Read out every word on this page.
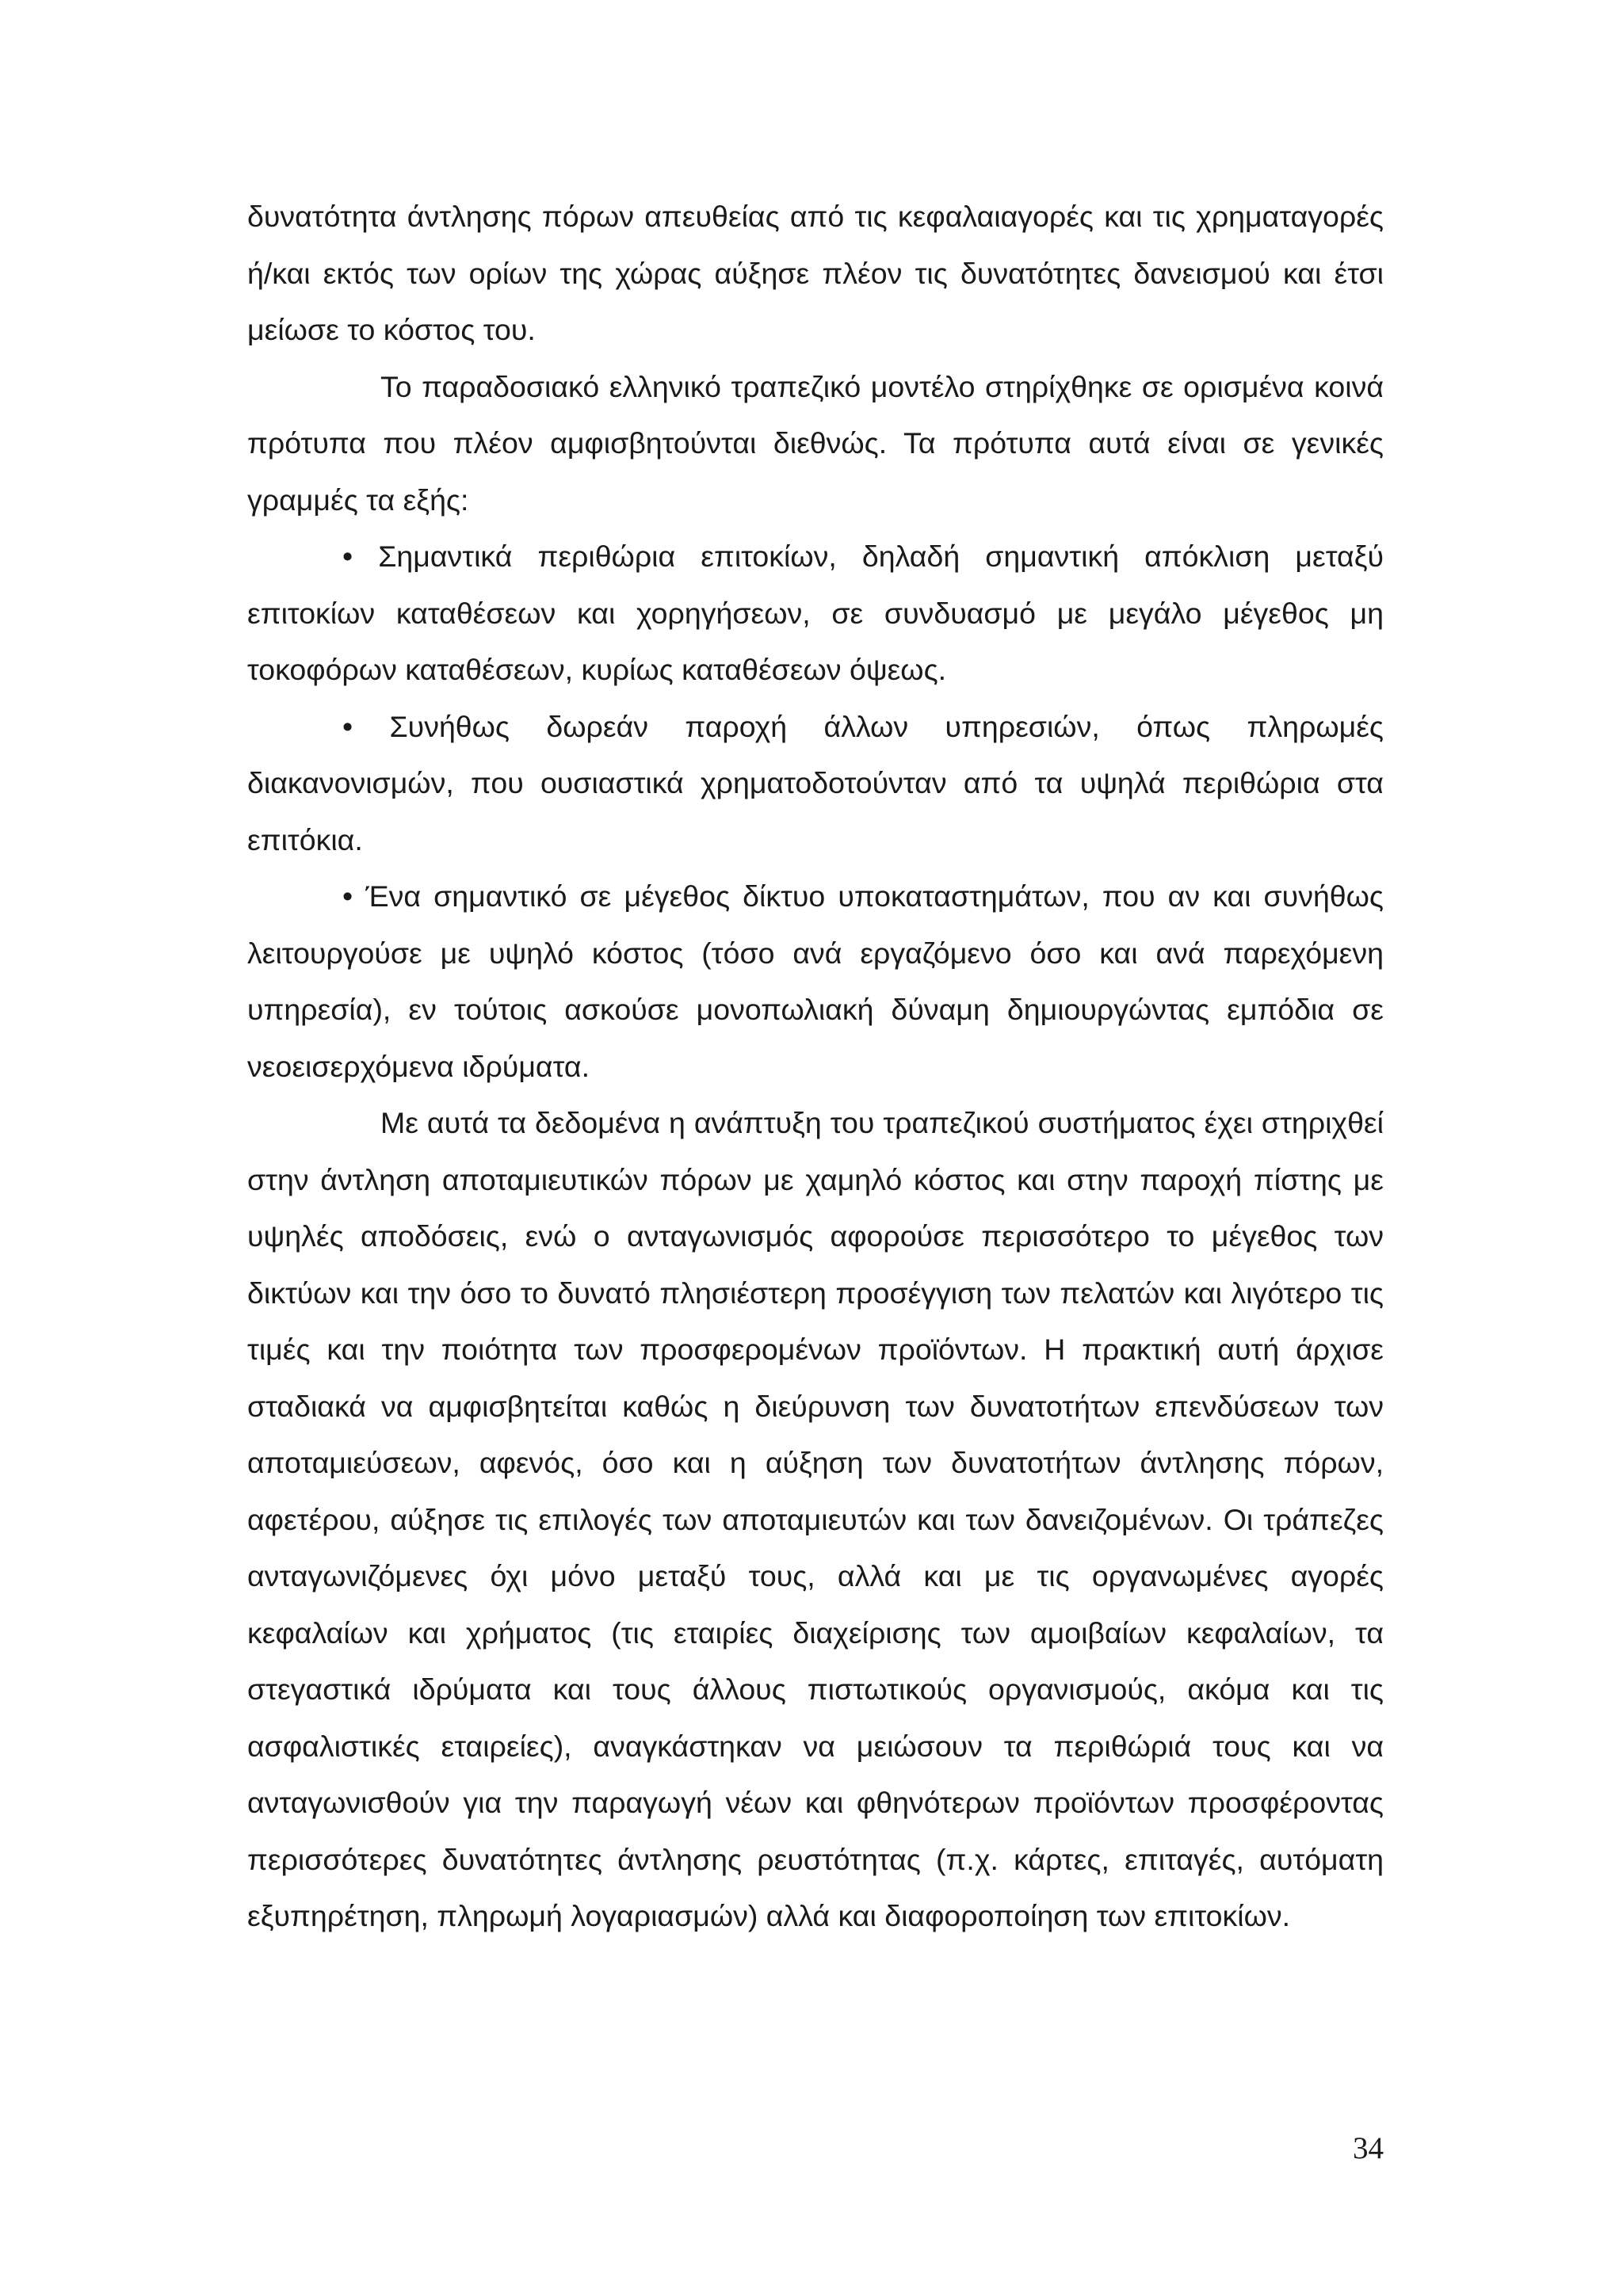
δυνατότητα άντλησης πόρων απευθείας από τις κεφαλαιαγορές και τις χρηματαγορές ή/και εκτός των ορίων της χώρας αύξησε πλέον τις δυνατότητες δανεισμού και έτσι μείωσε το κόστος του.

Το παραδοσιακό ελληνικό τραπεζικό μοντέλο στηρίχθηκε σε ορισμένα κοινά πρότυπα που πλέον αμφισβητούνται διεθνώς. Τα πρότυπα αυτά είναι σε γενικές γραμμές τα εξής:

• Σημαντικά περιθώρια επιτοκίων, δηλαδή σημαντική απόκλιση μεταξύ επιτοκίων καταθέσεων και χορηγήσεων, σε συνδυασμό με μεγάλο μέγεθος μη τοκοφόρων καταθέσεων, κυρίως καταθέσεων όψεως.

• Συνήθως δωρεάν παροχή άλλων υπηρεσιών, όπως πληρωμές διακανονισμών, που ουσιαστικά χρηματοδοτούνταν από τα υψηλά περιθώρια στα επιτόκια.

• Ένα σημαντικό σε μέγεθος δίκτυο υποκαταστημάτων, που αν και συνήθως λειτουργούσε με υψηλό κόστος (τόσο ανά εργαζόμενο όσο και ανά παρεχόμενη υπηρεσία), εν τούτοις ασκούσε μονοπωλιακή δύναμη δημιουργώντας εμπόδια σε νεοεισερχόμενα ιδρύματα.

Με αυτά τα δεδομένα η ανάπτυξη του τραπεζικού συστήματος έχει στηριχθεί στην άντληση αποταμιευτικών πόρων με χαμηλό κόστος και στην παροχή πίστης με υψηλές αποδόσεις, ενώ ο ανταγωνισμός αφορούσε περισσότερο το μέγεθος των δικτύων και την όσο το δυνατό πλησιέστερη προσέγγιση των πελατών και λιγότερο τις τιμές και την ποιότητα των προσφερομένων προϊόντων. Η πρακτική αυτή άρχισε σταδιακά να αμφισβητείται καθώς η διεύρυνση των δυνατοτήτων επενδύσεων των αποταμιεύσεων, αφενός, όσο και η αύξηση των δυνατοτήτων άντλησης πόρων, αφετέρου, αύξησε τις επιλογές των αποταμιευτών και των δανειζομένων. Οι τράπεζες ανταγωνιζόμενες όχι μόνο μεταξύ τους, αλλά και με τις οργανωμένες αγορές κεφαλαίων και χρήματος (τις εταιρίες διαχείρισης των αμοιβαίων κεφαλαίων, τα στεγαστικά ιδρύματα και τους άλλους πιστωτικούς οργανισμούς, ακόμα και τις ασφαλιστικές εταιρείες), αναγκάστηκαν να μειώσουν τα περιθώριά τους και να ανταγωνισθούν για την παραγωγή νέων και φθηνότερων προϊόντων προσφέροντας περισσότερες δυνατότητες άντλησης ρευστότητας (π.χ. κάρτες, επιταγές, αυτόματη εξυπηρέτηση, πληρωμή λογαριασμών) αλλά και διαφοροποίηση των επιτοκίων.

34
